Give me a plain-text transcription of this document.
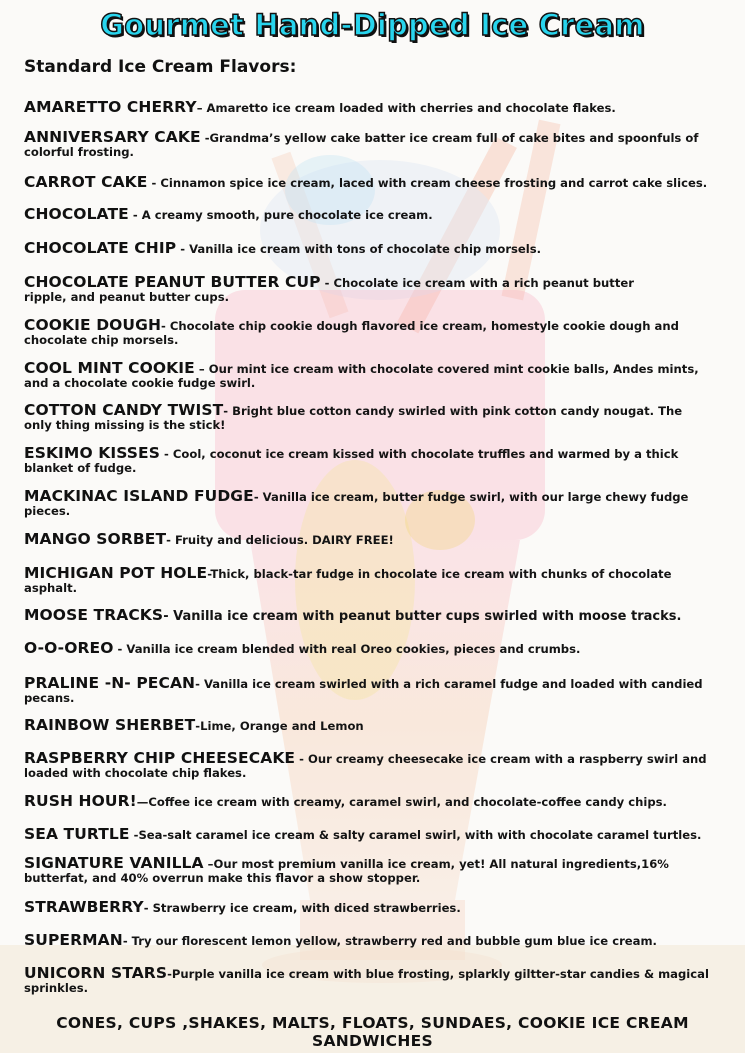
Gourmet Hand-Dipped Ice Cream
Standard Ice Cream Flavors:
AMARETTO CHERRY– Amaretto ice cream loaded with cherries and chocolate flakes.
ANNIVERSARY CAKE -Grandma’s yellow cake batter ice cream full of cake bites and spoonfuls of colorful frosting.
CARROT CAKE - Cinnamon spice ice cream, laced with cream cheese frosting and carrot cake slices.
CHOCOLATE - A creamy smooth, pure chocolate ice cream.
CHOCOLATE CHIP - Vanilla ice cream with tons of chocolate chip morsels.
CHOCOLATE PEANUT BUTTER CUP - Chocolate ice cream with a rich peanut butter ripple, and peanut butter cups.
COOKIE DOUGH- Chocolate chip cookie dough flavored ice cream, homestyle cookie dough and chocolate chip morsels.
COOL MINT COOKIE – Our mint ice cream with chocolate covered mint cookie balls, Andes mints, and a chocolate cookie fudge swirl.
COTTON CANDY TWIST- Bright blue cotton candy swirled with pink cotton candy nougat. The only thing missing is the stick!
ESKIMO KISSES - Cool, coconut ice cream kissed with chocolate truffles and warmed by a thick blanket of fudge.
MACKINAC ISLAND FUDGE- Vanilla ice cream, butter fudge swirl, with our large chewy fudge pieces.
MANGO SORBET- Fruity and delicious. DAIRY FREE!
MICHIGAN POT HOLE-Thick, black-tar fudge in chocolate ice cream with chunks of chocolate asphalt.
MOOSE TRACKS- Vanilla ice cream with peanut butter cups swirled with moose tracks.
O-O-OREO - Vanilla ice cream blended with real Oreo cookies, pieces and crumbs.
PRALINE -N- PECAN- Vanilla ice cream swirled with a rich caramel fudge and loaded with candied pecans.
RAINBOW SHERBET-Lime, Orange and Lemon
RASPBERRY CHIP CHEESECAKE - Our creamy cheesecake ice cream with a raspberry swirl and loaded with chocolate chip flakes.
RUSH HOUR!—Coffee ice cream with creamy, caramel swirl, and chocolate-coffee candy chips.
SEA TURTLE -Sea-salt caramel ice cream & salty caramel swirl, with with chocolate caramel turtles.
SIGNATURE VANILLA –Our most premium vanilla ice cream, yet! All natural ingredients,16% butterfat, and 40% overrun make this flavor a show stopper.
STRAWBERRY- Strawberry ice cream, with diced strawberries.
SUPERMAN- Try our florescent lemon yellow, strawberry red and bubble gum blue ice cream.
UNICORN STARS-Purple vanilla ice cream with blue frosting, splarkly giltter-star candies & magical sprinkles.
CONES, CUPS ,SHAKES, MALTS, FLOATS, SUNDAES, COOKIE ICE CREAM SANDWICHES
